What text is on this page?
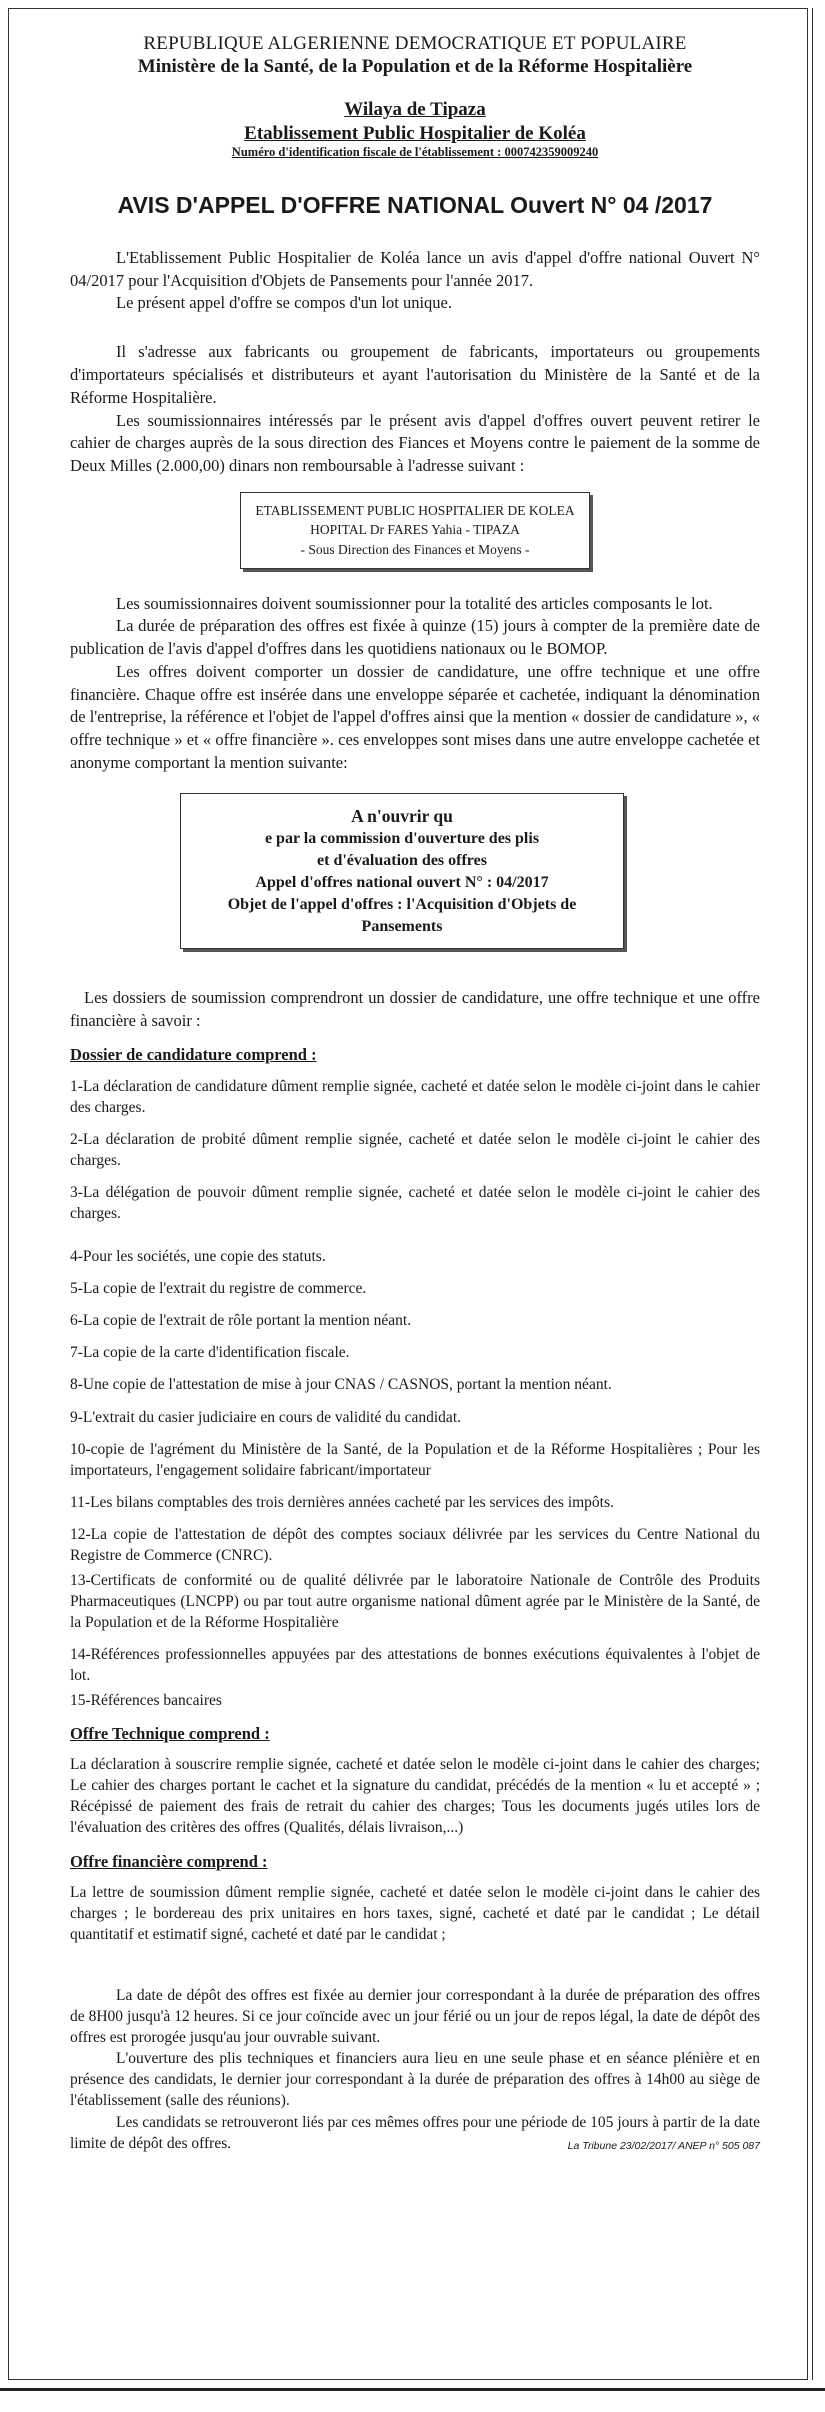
REPUBLIQUE ALGERIENNE DEMOCRATIQUE ET POPULAIRE
Ministère de la Santé, de la Population et de la Réforme Hospitalière
Wilaya de Tipaza
Etablissement Public Hospitalier de Koléa
Numéro d'identification fiscale de l'établissement : 000742359009240
AVIS D'APPEL D'OFFRE NATIONAL Ouvert N° 04 /2017

L'Etablissement Public Hospitalier de Koléa lance un avis d'appel d'offre national Ouvert N° 04/2017 pour l'Acquisition d'Objets de Pansements pour l'année 2017.

Le présent appel d'offre se compos d'un lot unique.

Il s'adresse aux fabricants ou groupement de fabricants, importateurs ou groupements d'importateurs spécialisés et distributeurs et ayant l'autorisation du Ministère de la Santé et de la Réforme Hospitalière.

Les soumissionnaires intéressés par le présent avis d'appel d'offres ouvert peuvent retirer le cahier de charges auprès de la sous direction des Fiances et Moyens contre le paiement de la somme de Deux Milles (2.000,00) dinars non remboursable à l'adresse suivant :

ETABLISSEMENT PUBLIC HOSPITALIER DE KOLEA
HOPITAL Dr FARES Yahia - TIPAZA
- Sous Direction des Finances et Moyens -

Les soumissionnaires doivent soumissionner pour la totalité des articles composants le lot.

La durée de préparation des offres est fixée à quinze (15) jours à compter de la première date de publication de l'avis d'appel d'offres dans les quotidiens nationaux ou le BOMOP.

Les offres doivent comporter un dossier de candidature, une offre technique et une offre financière. Chaque offre est insérée dans une enveloppe séparée et cachetée, indiquant la dénomination de l'entreprise, la référence et l'objet de l'appel d'offres ainsi que la mention « dossier de candidature », « offre technique » et « offre financière ». ces enveloppes sont mises dans une autre enveloppe cachetée et anonyme comportant la mention suivante:

A n'ouvrir qu
e par la commission d'ouverture des plis
et d'évaluation des offres
Appel d'offres national ouvert N° : 04/2017
Objet de l'appel d'offres : l'Acquisition d'Objets de Pansements

Les dossiers de soumission comprendront un dossier de candidature, une offre technique et une offre financière à savoir :

Dossier de candidature comprend :
1-La déclaration de candidature dûment remplie signée, cacheté et datée selon le modèle ci-joint dans le cahier des charges.
2-La déclaration de probité dûment remplie signée, cacheté et datée selon le modèle ci-joint le cahier des charges.
3-La délégation de pouvoir dûment remplie signée, cacheté et datée selon le modèle ci-joint le cahier des charges.
4-Pour les sociétés, une copie des statuts.
5-La copie de l'extrait du registre de commerce.
6-La copie de l'extrait de rôle portant la mention néant.
7-La copie de la carte d'identification fiscale.
8-Une copie de l'attestation de mise à jour CNAS / CASNOS, portant la mention néant.
9-L'extrait du casier judiciaire en cours de validité du candidat.
10-copie de l'agrément du Ministère de la Santé, de la Population et de la Réforme Hospitalières ; Pour les importateurs, l'engagement solidaire fabricant/importateur
11-Les bilans comptables des trois dernières années cacheté par les services des impôts.
12-La copie de l'attestation de dépôt des comptes sociaux délivrée par les services du Centre National du Registre de Commerce (CNRC).
13-Certificats de conformité ou de qualité délivrée par le laboratoire Nationale de Contrôle des Produits Pharmaceutiques (LNCPP) ou par tout autre organisme national dûment agrée par le Ministère de la Santé, de la Population et de la Réforme Hospitalière
14-Références professionnelles appuyées par des attestations de bonnes exécutions équivalentes à l'objet de lot.
15-Références bancaires
Offre Technique comprend :
La déclaration à souscrire remplie signée, cacheté et datée selon le modèle ci-joint dans le cahier des charges; Le cahier des charges portant le cachet et la signature du candidat, précédés de la mention « lu et accepté » ; Récépissé de paiement des frais de retrait du cahier des charges; Tous les documents jugés utiles lors de l'évaluation des critères des offres (Qualités, délais livraison,...)
Offre financière comprend :
La lettre de soumission dûment remplie signée, cacheté et datée selon le modèle ci-joint dans le cahier des charges ; le bordereau des prix unitaires en hors taxes, signé, cacheté et daté par le candidat ; Le détail quantitatif et estimatif signé, cacheté et daté par le candidat ;
La date de dépôt des offres est fixée au dernier jour correspondant à la durée de préparation des offres de 8H00 jusqu'à 12 heures. Si ce jour coïncide avec un jour férié ou un jour de repos légal, la date de dépôt des offres est prorogée jusqu'au jour ouvrable suivant.
L'ouverture des plis techniques et financiers aura lieu en une seule phase et en séance plénière et en présence des candidats, le dernier jour correspondant à la durée de préparation des offres à 14h00 au siège de l'établissement (salle des réunions).
Les candidats se retrouveront liés par ces mêmes offres pour une période de 105 jours à partir de la date limite de dépôt des offres.	La Tribune 23/02/2017/ ANEP n° 505 087
